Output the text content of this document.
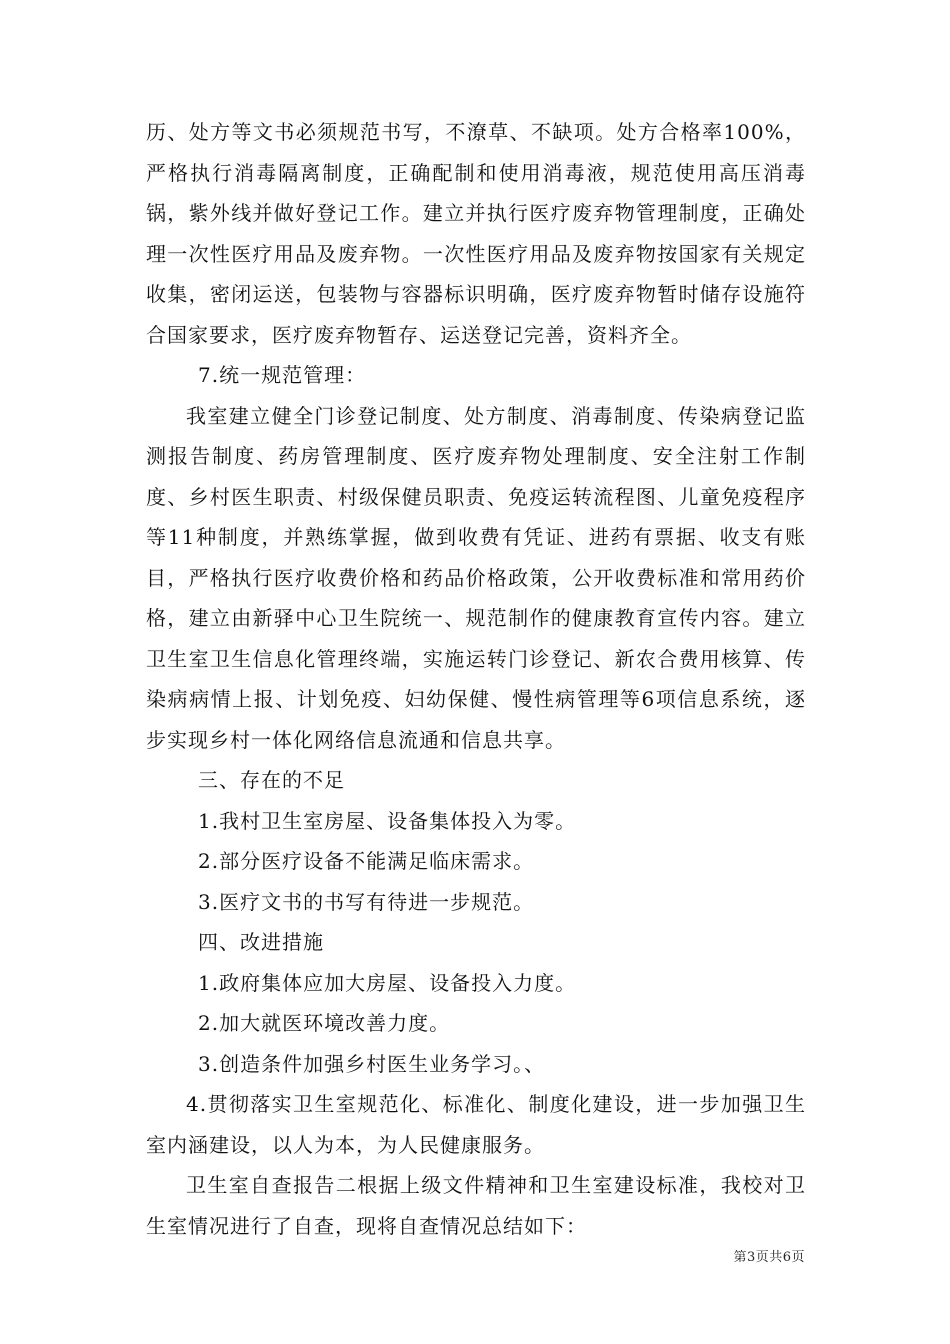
历、处方等文书必须规范书写，不潦草、不缺项。处方合格率100%，严格执行消毒隔离制度，正确配制和使用消毒液，规范使用高压消毒锅，紫外线并做好登记工作。建立并执行医疗废弃物管理制度，正确处理一次性医疗用品及废弃物。一次性医疗用品及废弃物按国家有关规定收集，密闭运送，包装物与容器标识明确，医疗废弃物暂时储存设施符合国家要求，医疗废弃物暂存、运送登记完善，资料齐全。

7.统一规范管理：

我室建立健全门诊登记制度、处方制度、消毒制度、传染病登记监测报告制度、药房管理制度、医疗废弃物处理制度、安全注射工作制度、乡村医生职责、村级保健员职责、免疫运转流程图、儿童免疫程序等11种制度，并熟练掌握，做到收费有凭证、进药有票据、收支有账目，严格执行医疗收费价格和药品价格政策，公开收费标准和常用药价格，建立由新驿中心卫生院统一、规范制作的健康教育宣传内容。建立卫生室卫生信息化管理终端，实施运转门诊登记、新农合费用核算、传染病病情上报、计划免疫、妇幼保健、慢性病管理等6项信息系统，逐步实现乡村一体化网络信息流通和信息共享。

三、存在的不足

1.我村卫生室房屋、设备集体投入为零。

2.部分医疗设备不能满足临床需求。

3.医疗文书的书写有待进一步规范。

四、改进措施

1.政府集体应加大房屋、设备投入力度。

2.加大就医环境改善力度。

3.创造条件加强乡村医生业务学习。、

4.贯彻落实卫生室规范化、标准化、制度化建设，进一步加强卫生室内涵建设，以人为本，为人民健康服务。

卫生室自查报告二根据上级文件精神和卫生室建设标准，我校对卫生室情况进行了自查，现将自查情况总结如下：

第3页共6页
